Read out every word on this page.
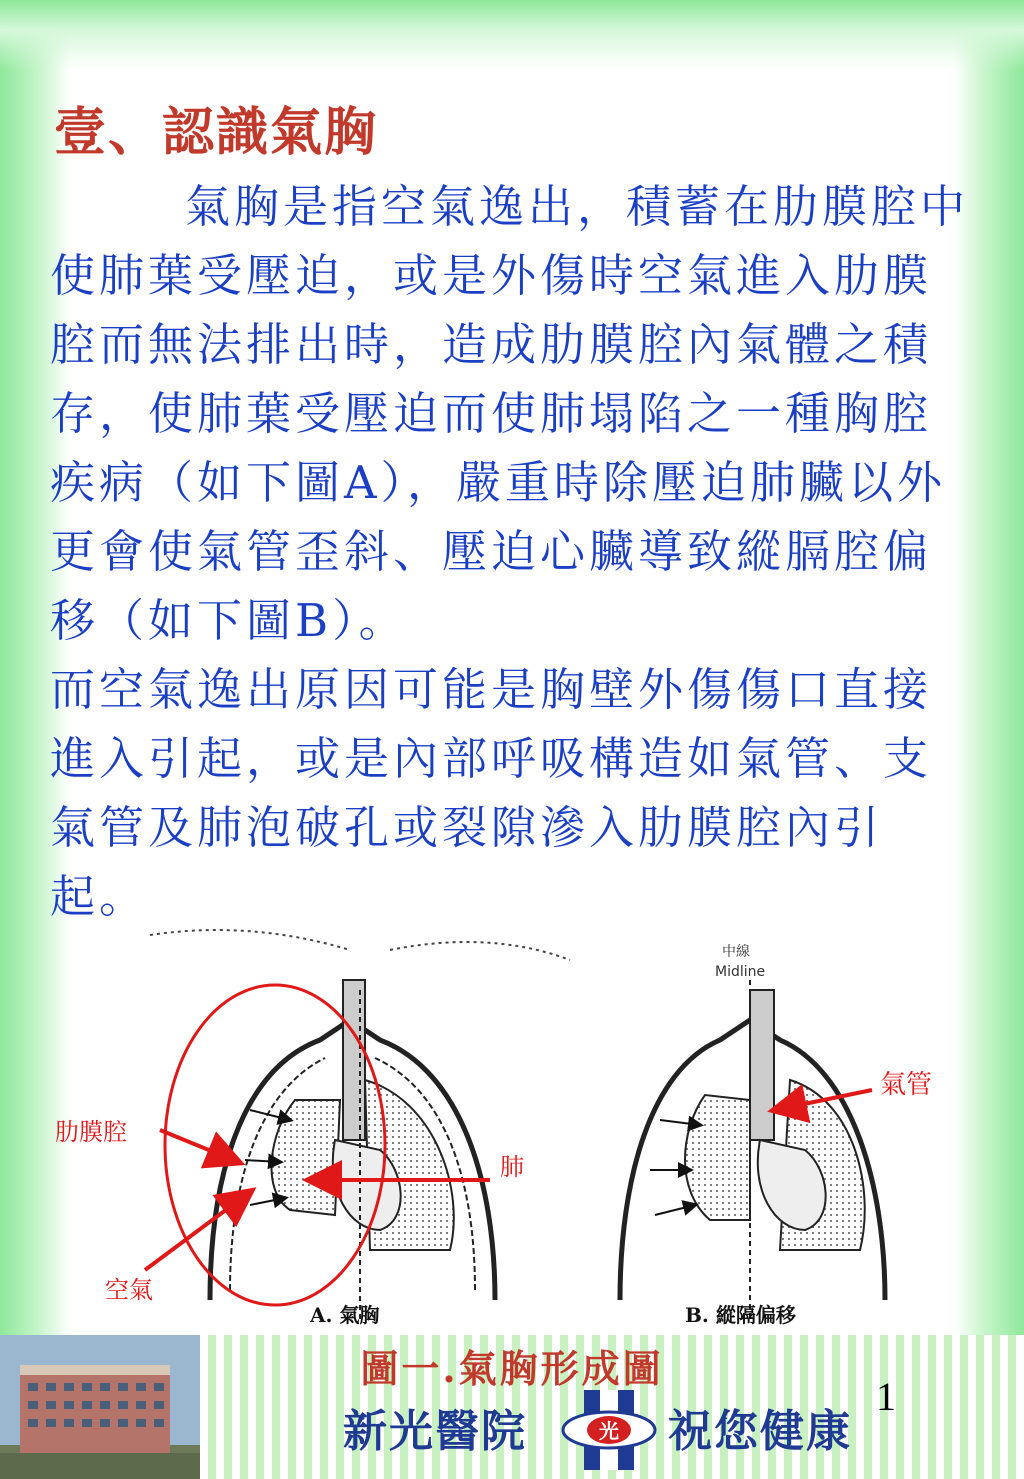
壹、認識氣胸

氣胸是指空氣逸出，積蓄在肋膜腔中使肺葉受壓迫，或是外傷時空氣進入肋膜腔而無法排出時，造成肋膜腔內氣體之積存，使肺葉受壓迫而使肺塌陷之一種胸腔疾病（如下圖A），嚴重時除壓迫肺臟以外更會使氣管歪斜、壓迫心臟導致縱膈腔偏移（如下圖B）。

而空氣逸出原因可能是胸壁外傷傷口直接進入引起，或是內部呼吸構造如氣管、支氣管及肺泡破孔或裂隙滲入肋膜腔內引起。

肋膜腔
空氣
肺
氣管
中線
Midline
A. 氣胸	B. 縱隔偏移
新光醫院	光 祝您健康
1
圖一.氣胸形成圖
